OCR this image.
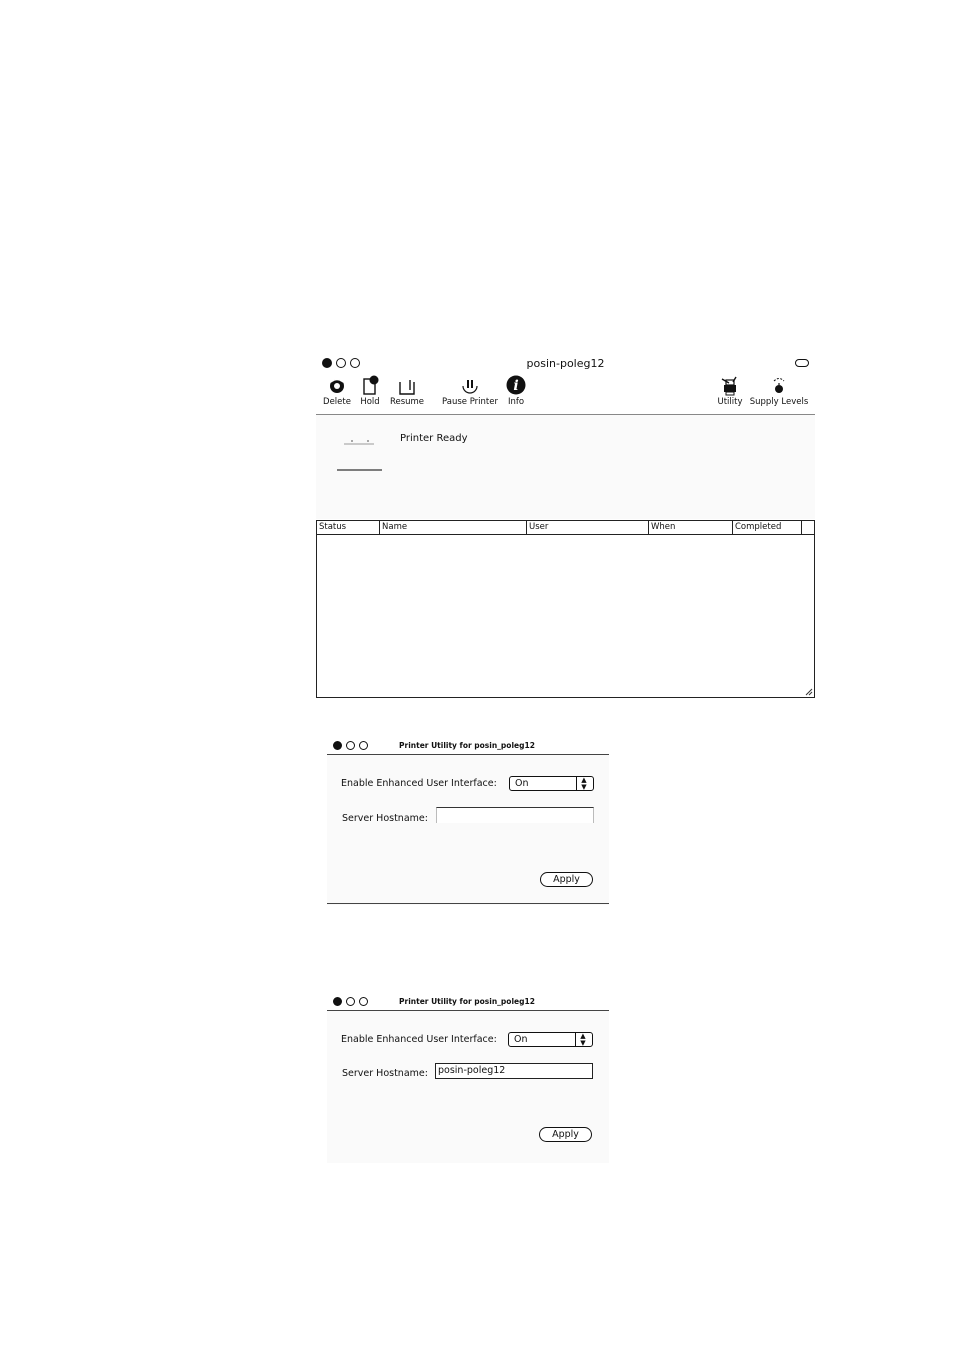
posin-poleg12
Delete	Hold	Resume Pause Printer
i
Info	Utility Supply Levels
Printer Ready
Status	Name	User	When	Completed
Printer Utility for posin_poleg12
Enable Enhanced User Interface: On	▲
▼
Server Hostname:
Apply
Printer Utility for posin_poleg12
Enable Enhanced User Interface: On	▲
▼
Server Hostname:	posin-poleg12
Apply
